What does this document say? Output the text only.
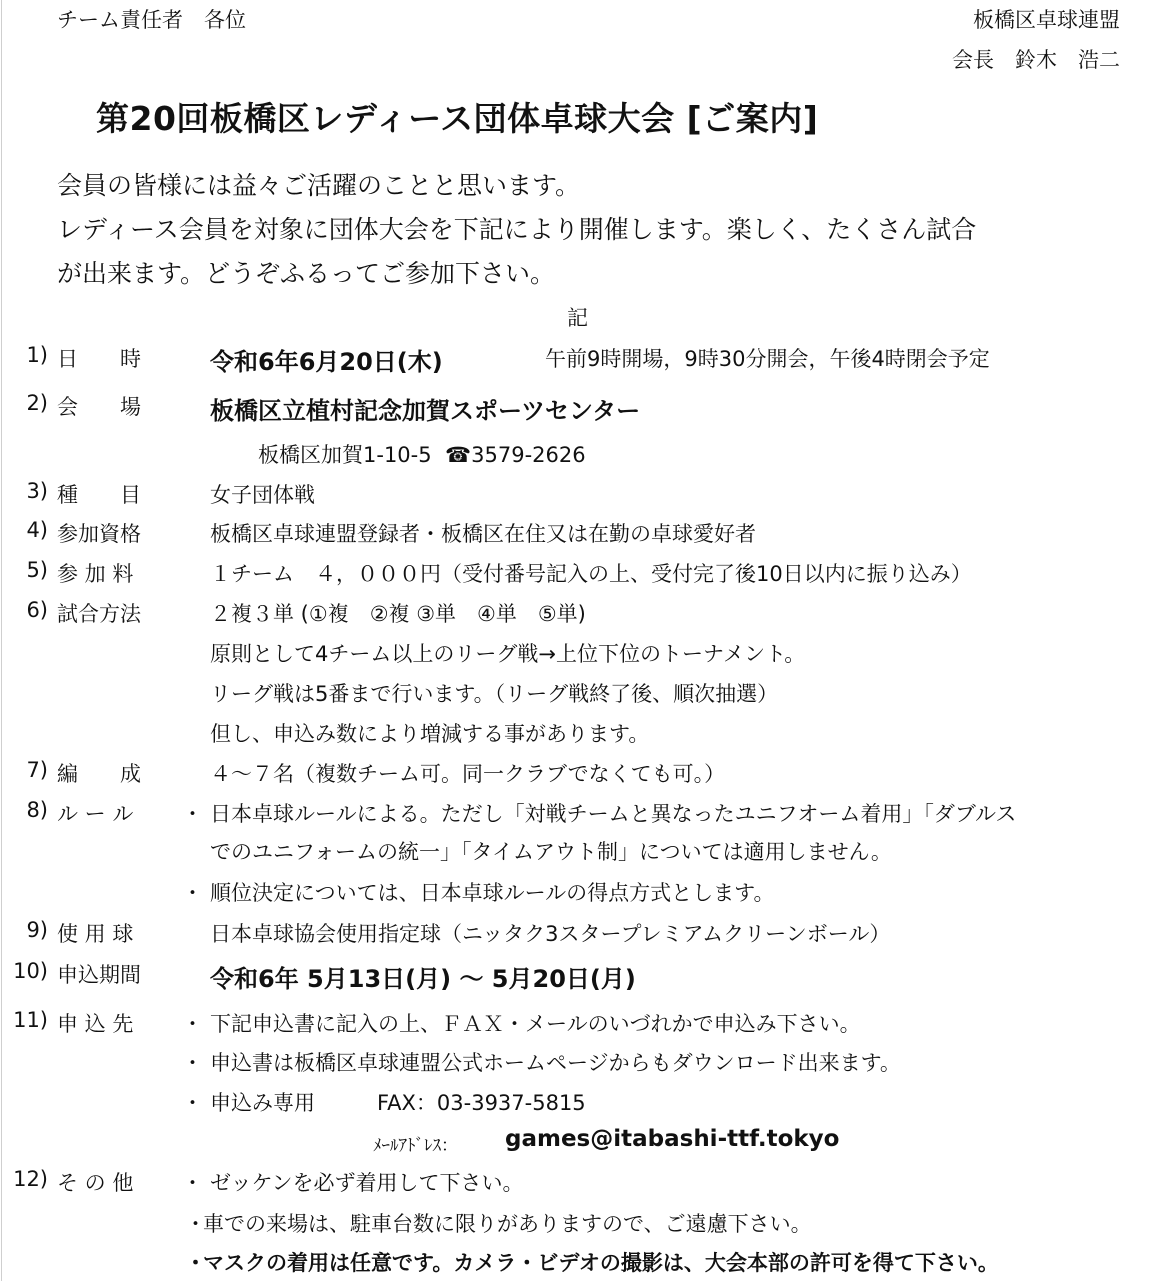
チーム責任者　各位	板橋区卓球連盟
会長　鈴木　浩二
第20回板橋区レディース団体卓球大会 [ご案内]
会員の皆様には益々ご活躍のことと思います。
レディース会員を対象に団体大会を下記により開催します。楽しく、たくさん試合
が出来ます。どうぞふるってご参加下さい。
記
1) 日　　時	令和6年6月20日(木)	午前9時開場，9時30分開会，午後4時閉会予定
2) 会　　場	板橋区立植村記念加賀スポーツセンター
板橋区加賀1-10-5 ☎3579-2626
3) 種　　目	女子団体戦
4) 参加資格	板橋区卓球連盟登録者・板橋区在住又は在勤の卓球愛好者
5) 参 加 料	１チーム　４，０００円（受付番号記入の上、受付完了後10日以内に振り込み）
6) 試合方法	２複３単 (①複　②複 ③単　④単　⑤単)
原則として4チーム以上のリーグ戦→上位下位のトーナメント。
リーグ戦は5番まで行います。（リーグ戦終了後、順次抽選）
但し、申込み数により増減する事があります。
7) 編　　成	４～７名（複数チーム可。同一クラブでなくても可。）
8) ル ー ル ・ 日本卓球ルールによる。ただし「対戦チームと異なったユニフオーム着用」「ダブルス
でのユニフォームの統一」「タイムアウト制」については適用しません。
・ 順位決定については、日本卓球ルールの得点方式とします。
9) 使 用 球	日本卓球協会使用指定球（ニッタク3スタープレミアムクリーンボール）
10) 申込期間	令和6年 5月13日(月) ～ 5月20日(月)
11) 申 込 先 ・ 下記申込書に記入の上、ＦＡＸ・メールのいづれかで申込み下さい。
・ 申込書は板橋区卓球連盟公式ホームページからもダウンロード出来ます。
・ 申込み専用	FAX：03-3937-5815
ﾒｰﾙｱﾄﾞﾚｽ： games@itabashi-ttf.tokyo
12) そ の 他 ・ ゼッケンを必ず着用して下さい。
・
車での来場は、駐車台数に限りがありますので、ご遠慮下さい。
・
マスクの着用は任意です。カメラ・ビデオの撮影は、大会本部の許可を得て下さい。
